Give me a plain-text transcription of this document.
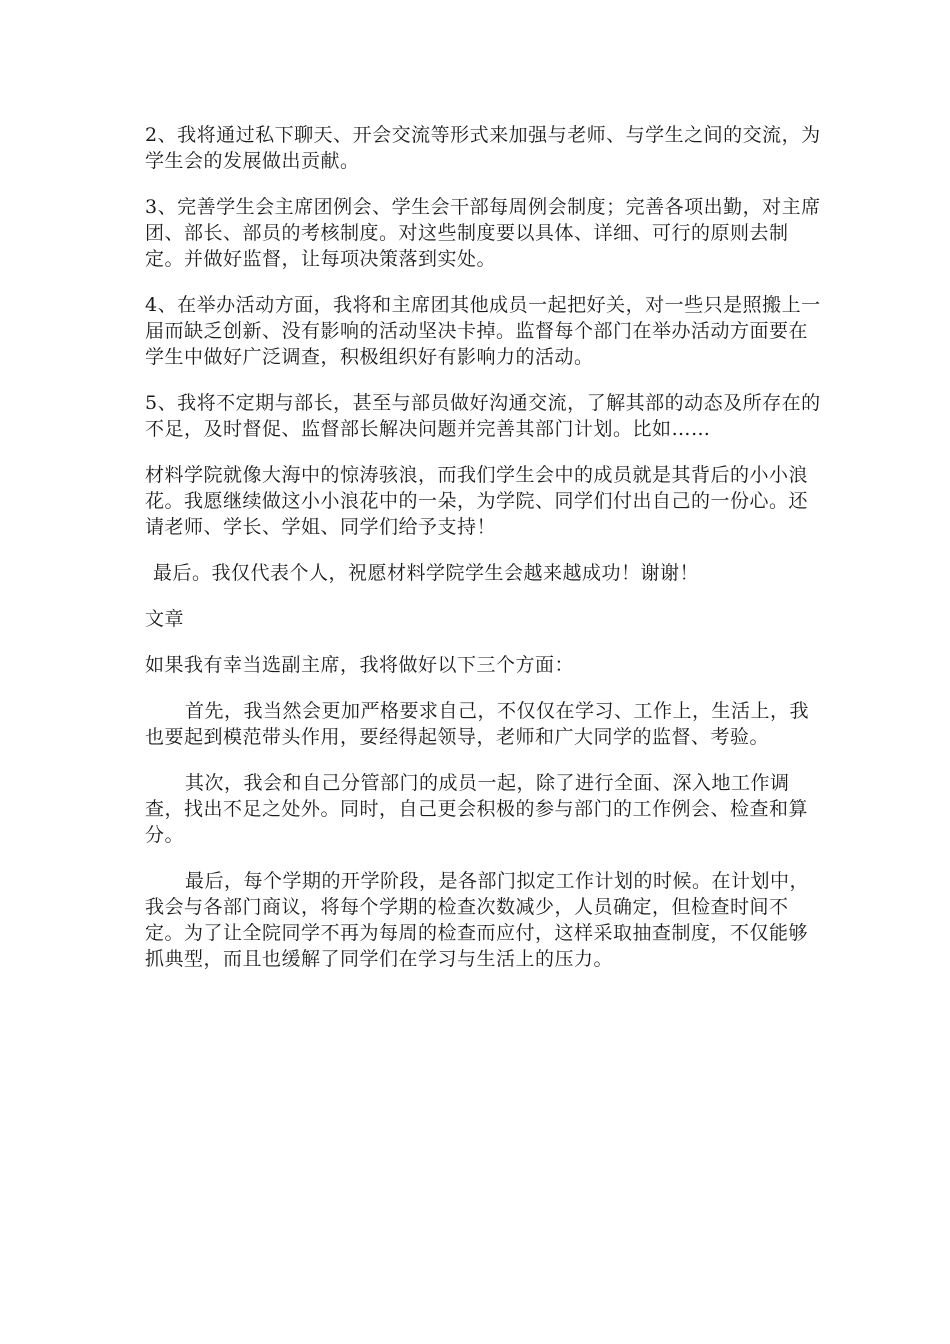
2、我将通过私下聊天、开会交流等形式来加强与老师、与学生之间的交流，为学生会的发展做出贡献。

3、完善学生会主席团例会、学生会干部每周例会制度；完善各项出勤，对主席团、部长、部员的考核制度。对这些制度要以具体、详细、可行的原则去制定。并做好监督，让每项决策落到实处。

4、在举办活动方面，我将和主席团其他成员一起把好关，对一些只是照搬上一届而缺乏创新、没有影响的活动坚决卡掉。监督每个部门在举办活动方面要在学生中做好广泛调查，积极组织好有影响力的活动。

5、我将不定期与部长，甚至与部员做好沟通交流，了解其部的动态及所存在的不足，及时督促、监督部长解决问题并完善其部门计划。比如……

材料学院就像大海中的惊涛骇浪，而我们学生会中的成员就是其背后的小小浪花。我愿继续做这小小浪花中的一朵，为学院、同学们付出自己的一份心。还请老师、学长、学姐、同学们给予支持！

最后。我仅代表个人，祝愿材料学院学生会越来越成功！谢谢！

文章

如果我有幸当选副主席，我将做好以下三个方面：

首先，我当然会更加严格要求自己，不仅仅在学习、工作上，生活上，我也要起到模范带头作用，要经得起领导，老师和广大同学的监督、考验。

其次，我会和自己分管部门的成员一起，除了进行全面、深入地工作调查，找出不足之处外。同时，自己更会积极的参与部门的工作例会、检查和算分。

最后，每个学期的开学阶段，是各部门拟定工作计划的时候。在计划中，我会与各部门商议，将每个学期的检查次数减少，人员确定，但检查时间不定。为了让全院同学不再为每周的检查而应付，这样采取抽查制度，不仅能够抓典型，而且也缓解了同学们在学习与生活上的压力。
